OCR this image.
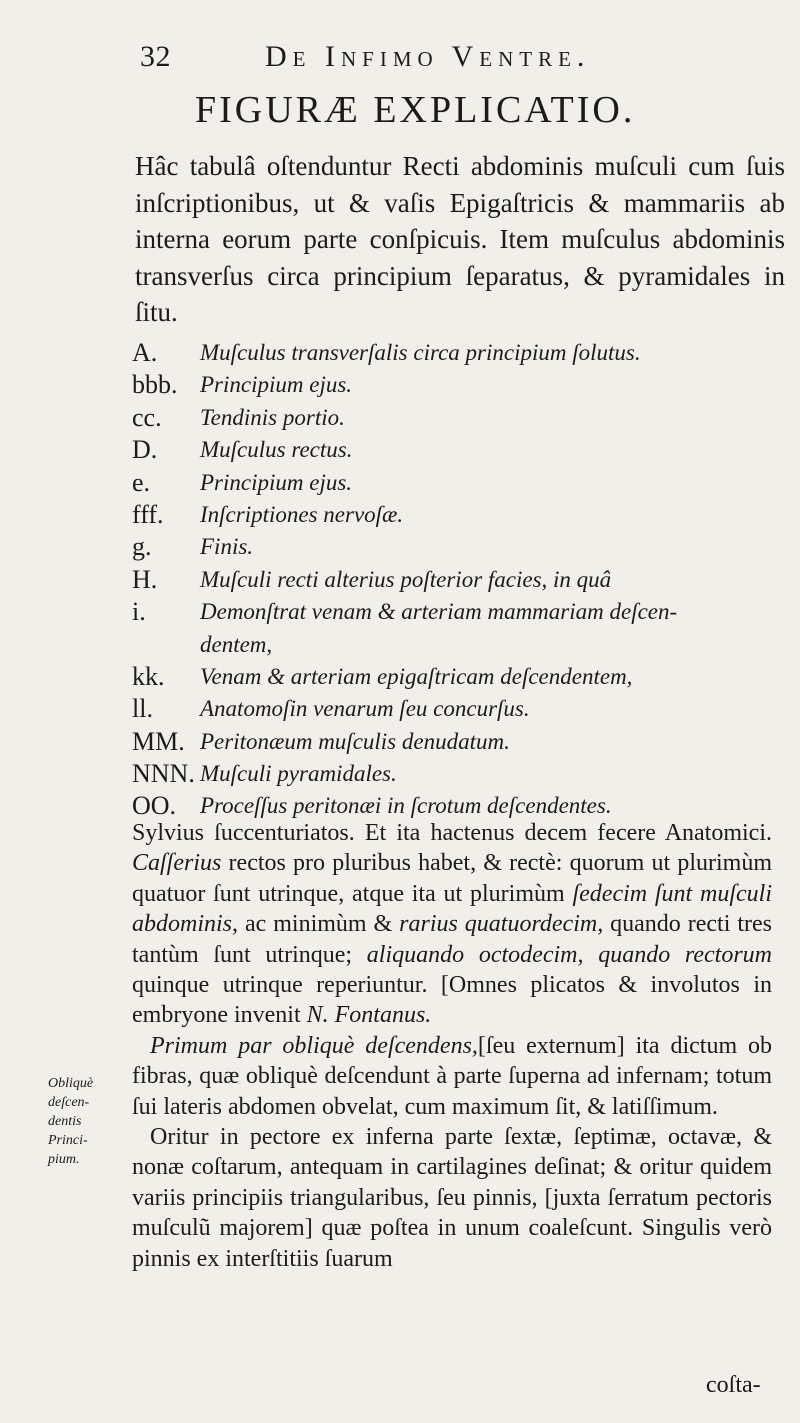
32	De Infimo Ventre.
FIGURÆ EXPLICATIO.

Hâc tabulâ oſtenduntur Recti abdominis muſculi cum ſuis inſcriptionibus, ut & vaſis Epigaſtricis & mammariis ab interna eorum parte conſpicuis. Item muſculus abdominis transverſus circa principium ſeparatus, & pyramidales in ſitu.

A. Muſculus transverſalis circa principium ſolutus.
bbb. Principium ejus.
cc. Tendinis portio.
D. Muſculus rectus.
e. Principium ejus.
fff. Inſcriptiones nervoſæ.
g. Finis.
H. Muſculi recti alterius poſterior facies, in quâ
i. Demonſtrat venam & arteriam mammariam deſcen-
dentem,
kk. Venam & arteriam epigaſtricam deſcendentem,
ll. Anatomoſin venarum ſeu concurſus.
MM. Peritonæum muſculis denudatum.
NNN. Muſculi pyramidales.
OO. Proceſſus peritonæi in ſcrotum deſcendentes.

Sylvius ſuccenturiatos. Et ita hactenus decem fecere Anatomici. Caſſerius rectos pro pluribus habet, & rectè: quorum ut plurimùm quatuor ſunt utrinque, atque ita ut plurimùm ſedecim ſunt muſculi abdominis, ac minimùm & rarius quatuordecim, quando recti tres tantùm ſunt utrinque; aliquando octodecim, quando rectorum quinque utrinque reperiuntur. [Omnes plicatos & involutos in embryone invenit N. Fontanus.

Primum par obliquè deſcendens,[ſeu externum] ita dictum ob fibras, quæ obliquè deſcendunt à parte ſuperna ad infernam; totum ſui lateris abdomen obvelat, cum maximum ſit, & latiſſimum.

Oritur in pectore ex inferna parte ſextæ, ſeptimæ, octavæ, & nonæ coſtarum, antequam in cartilagines deſinat; & oritur quidem variis principiis triangularibus, ſeu pinnis, [juxta ſerratum pectoris muſculũ majorem] quæ poſtea in unum coaleſcunt. Singulis verò pinnis ex interſtitiis ſuarum

Obliquè
deſcen-
dentis
Princi-
pium.
coſta-
